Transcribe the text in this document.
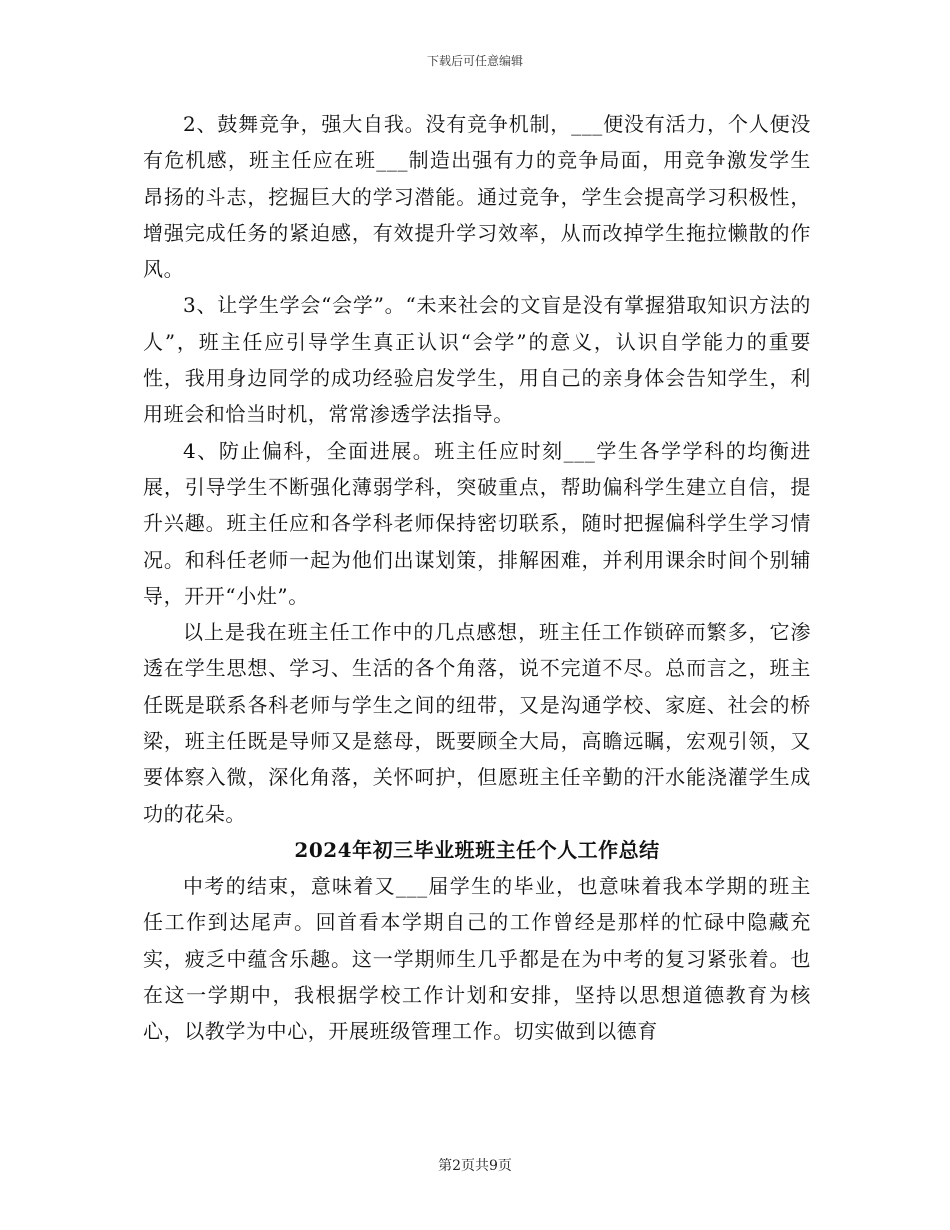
下载后可任意编辑

2、鼓舞竞争，强大自我。没有竞争机制，___便没有活力，个人便没有危机感，班主任应在班___制造出强有力的竞争局面，用竞争激发学生昂扬的斗志，挖掘巨大的学习潜能。通过竞争，学生会提高学习积极性，增强完成任务的紧迫感，有效提升学习效率，从而改掉学生拖拉懒散的作风。

3、让学生学会“会学”。“未来社会的文盲是没有掌握猎取知识方法的人”，班主任应引导学生真正认识“会学”的意义，认识自学能力的重要性，我用身边同学的成功经验启发学生，用自己的亲身体会告知学生，利用班会和恰当时机，常常渗透学法指导。

4、防止偏科，全面进展。班主任应时刻___学生各学学科的均衡进展，引导学生不断强化薄弱学科，突破重点，帮助偏科学生建立自信，提升兴趣。班主任应和各学科老师保持密切联系，随时把握偏科学生学习情况。和科任老师一起为他们出谋划策，排解困难，并利用课余时间个别辅导，开开“小灶”。

以上是我在班主任工作中的几点感想，班主任工作锁碎而繁多，它渗透在学生思想、学习、生活的各个角落，说不完道不尽。总而言之，班主任既是联系各科老师与学生之间的纽带，又是沟通学校、家庭、社会的桥梁，班主任既是导师又是慈母，既要顾全大局，高瞻远瞩，宏观引领，又要体察入微，深化角落，关怀呵护，但愿班主任辛勤的汗水能浇灌学生成功的花朵。

2024年初三毕业班班主任个人工作总结

中考的结束，意味着又___届学生的毕业，也意味着我本学期的班主任工作到达尾声。回首看本学期自己的工作曾经是那样的忙碌中隐藏充实，疲乏中蕴含乐趣。这一学期师生几乎都是在为中考的复习紧张着。也在这一学期中，我根据学校工作计划和安排，坚持以思想道德教育为核心，以教学为中心，开展班级管理工作。切实做到以德育

第2页共9页
